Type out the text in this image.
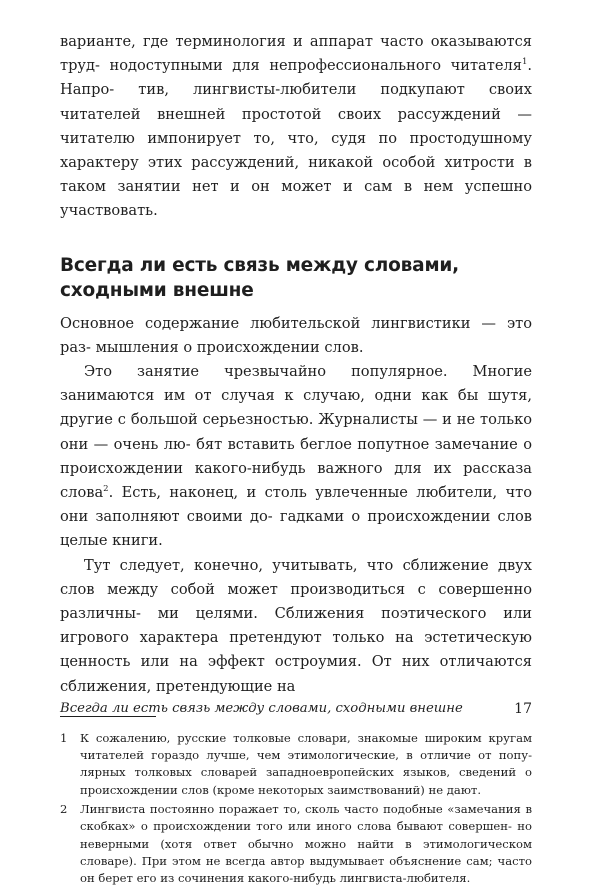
варианте, где терминология и аппарат часто оказываются труд- нодоступными для непрофессионального читателя$^1$. Напро- тив, лингвисты-любители подкупают своих читателей внешней простотой своих рассуждений — читателю импонирует то, что, судя по простодушному характеру этих рассуждений, никакой особой хитрости в таком занятии нет и он может и сам в нем успешно участвовать.

Всегда ли есть связь между словами,
сходными внешне

Основное содержание любительской лингвистики — это раз- мышления о происхождении слов.

Это занятие чрезвычайно популярное. Многие занимаются им от случая к случаю, одни как бы шутя, другие с большой серьезностью. Журналисты — и не только они — очень лю- бят вставить беглое попутное замечание о происхождении какого-нибудь важного для их рассказа слова$^2$. Есть, наконец, и столь увлеченные любители, что они заполняют своими до- гадками о происхождении слов целые книги.

Тут следует, конечно, учитывать, что сближение двух слов между собой может производиться с совершенно различны- ми целями. Сближения поэтического или игрового характера претендуют только на эстетическую ценность или на эффект остроумия. От них отличаются сближения, претендующие на

1 К сожалению, русские толковые словари, знакомые широким кругам читателей гораздо лучше, чем этимологические, в отличие от попу- лярных толковых словарей западноевропейских языков, сведений о происхождении слов (кроме некоторых заимствований) не дают.
2 Лингвиста постоянно поражает то, сколь часто подобные «замечания в скобках» о происхождении того или иного слова бывают совершен- но неверными (хотя ответ обычно можно найти в этимологическом словаре). При этом не всегда автор выдумывает объяснение сам; часто он берет его из сочинения какого-нибудь лингвиста-любителя.
Всегда ли есть связь между словами, сходными внешне	17
